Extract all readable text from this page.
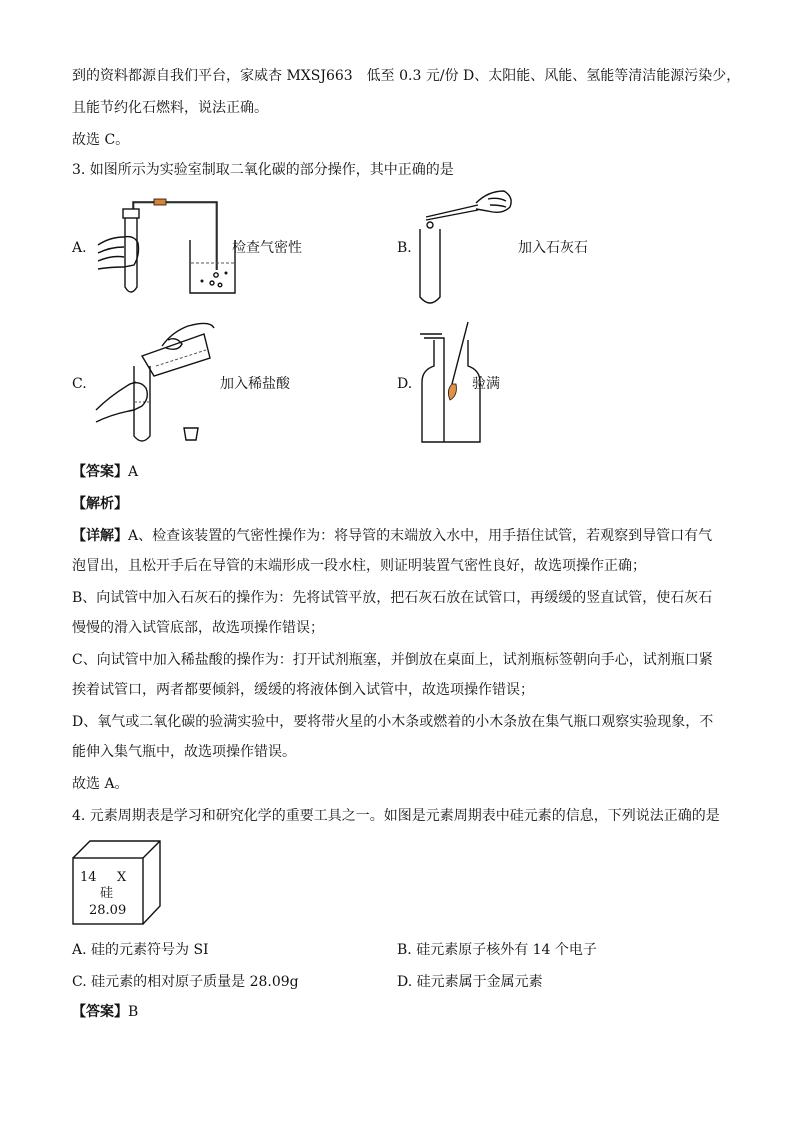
到的资料都源自我们平台，家威杏 MXSJ663　低至 0.3 元/份 D、太阳能、风能、氢能等清洁能源污染少，
且能节约化石燃料，说法正确。
故选 C。
3. 如图所示为实验室制取二氧化碳的部分操作，其中正确的是
A.	检查气密性	B.	加入石灰石
C.	加入稀盐酸	D.	验满
【答案】A
【解析】
【详解】A、检查该装置的气密性操作为：将导管的末端放入水中，用手捂住试管，若观察到导管口有气
泡冒出，且松开手后在导管的末端形成一段水柱，则证明装置气密性良好，故选项操作正确；
B、向试管中加入石灰石的操作为：先将试管平放，把石灰石放在试管口，再缓缓的竖直试管，使石灰石
慢慢的滑入试管底部，故选项操作错误；
C、向试管中加入稀盐酸的操作为：打开试剂瓶塞，并倒放在桌面上，试剂瓶标签朝向手心，试剂瓶口紧
挨着试管口，两者都要倾斜，缓缓的将液体倒入试管中，故选项操作错误；
D、氧气或二氧化碳的验满实验中，要将带火星的小木条或燃着的小木条放在集气瓶口观察实验现象，不
能伸入集气瓶中，故选项操作错误。
故选 A。
4. 元素周期表是学习和研究化学的重要工具之一。如图是元素周期表中硅元素的信息，下列说法正确的是
14 X
硅
28.09
A. 硅的元素符号为 SI	B. 硅元素原子核外有 14 个电子
C. 硅元素的相对原子质量是 28.09g	D. 硅元素属于金属元素
【答案】B
